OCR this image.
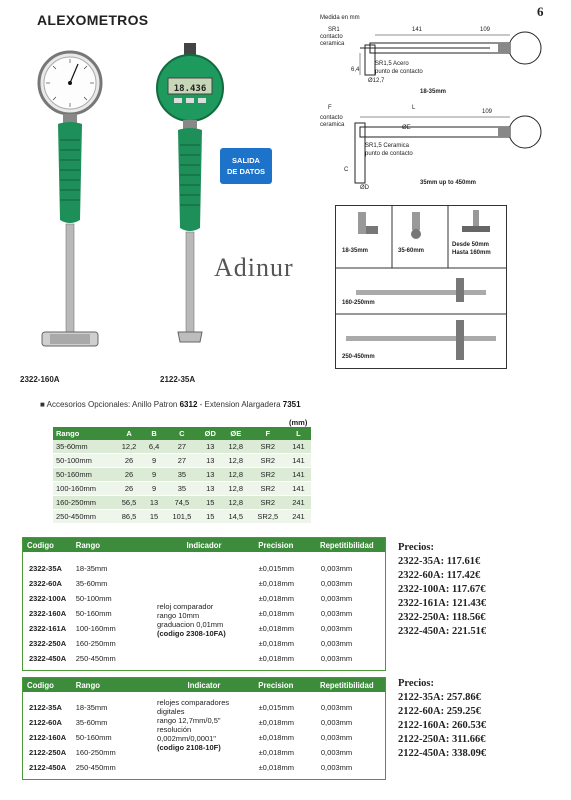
ALEXOMETROS
6
18.436
SALIDA
DE DATOS
Adinur
2322-160A	2122-35A
Medida en mm
SR1
contacto
ceramica
141	109
SR1,5 Acero
punto de contacto
Ø12,7
6,4
18-35mm
F	L
contacto
ceramica
109
ØE
SR1,5 Ceramica
punto de contacto
C
ØD
35mm up to 450mm
18-35mm	35-60mm
Desde 50mm
Hasta 160mm
160-250mm
250-450mm
■ Accesorios Opcionales: Anillo Patron 6312 - Extension Alargadera 7351
(mm)
Rango	A	B	C	ØD	ØE	F	L
35-60mm	12,2	6,4	27	13	12,8	SR2	141
50-100mm	26	9	27	13	12,8	SR2	141
50-160mm	26	9	35	13	12,8	SR2	141
100-160mm	26	9	35	13	12,8	SR2	141
160-250mm	56,5	13	74,5	15	12,8	SR2	241
250-450mm	86,5	15	101,5	15	14,5	SR2,5	241
Codigo	Rango	Indicador	Precision	Repetitibilidad
2322-35A	18-35mm	±0,015mm	0,003mm
2322-60A	35-60mm	±0,018mm	0,003mm
2322-100A	50-100mm	±0,018mm	0,003mm
2322-160A	50-160mm	±0,018mm	0,003mm
2322-161A	100-160mm	±0,018mm	0,003mm
2322-250A	160-250mm	±0,018mm	0,003mm
2322-450A	250-450mm	±0,018mm	0,003mm
reloj comparador
rango 10mm
graduacion 0,01mm
(codigo 2308-10FA)
Codigo	Rango	Indicator	Precision	Repetitibilidad
2122-35A	18-35mm	±0,015mm	0,003mm
2122-60A	35-60mm	±0,018mm	0,003mm
2122-160A	50-160mm	±0,018mm	0,003mm
2122-250A	160-250mm	±0,018mm	0,003mm
2122-450A	250-450mm	±0,018mm	0,003mm
relojes comparadores
digitales
rango 12,7mm/0,5"
resolución
0,002mm/0,0001"
(codigo 2108-10F)
Precios:
2322-35A: 117.61€
2322-60A: 117.42€
2322-100A: 117.67€
2322-161A: 121.43€
2322-250A: 118.56€
2322-450A: 221.51€
Precios:
2122-35A: 257.86€
2122-60A: 259.25€
2122-160A: 260.53€
2122-250A: 311.66€
2122-450A: 338.09€
